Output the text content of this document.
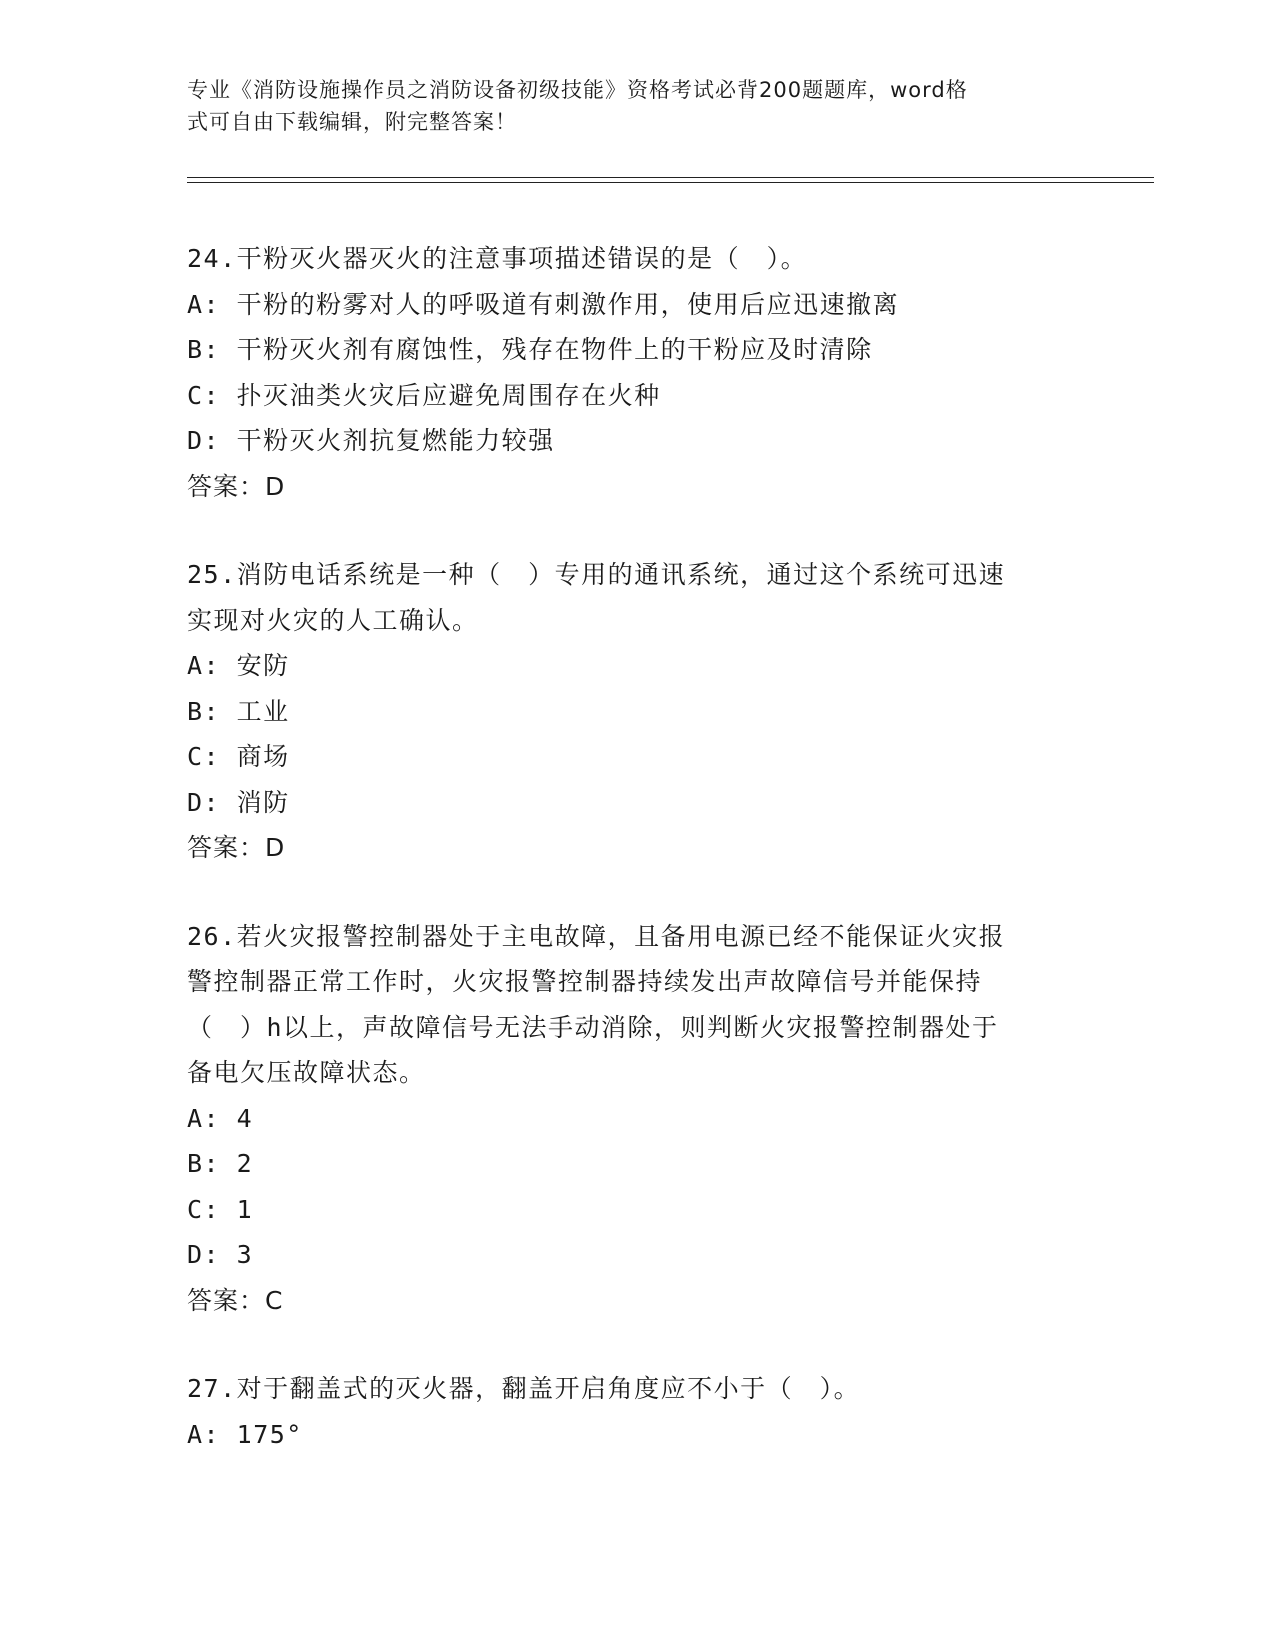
专业《消防设施操作员之消防设备初级技能》资格考试必背200题题库，word格
式可自由下载编辑，附完整答案！
24.干粉灭火器灭火的注意事项描述错误的是（　）。
A: 干粉的粉雾对人的呼吸道有刺激作用，使用后应迅速撤离
B: 干粉灭火剂有腐蚀性，残存在物件上的干粉应及时清除
C: 扑灭油类火灾后应避免周围存在火种
D: 干粉灭火剂抗复燃能力较强
答案：D
25.消防电话系统是一种（　）专用的通讯系统，通过这个系统可迅速
实现对火灾的人工确认。
A: 安防
B: 工业
C: 商场
D: 消防
答案：D
26.若火灾报警控制器处于主电故障，且备用电源已经不能保证火灾报
警控制器正常工作时，火灾报警控制器持续发出声故障信号并能保持
（　）h以上，声故障信号无法手动消除，则判断火灾报警控制器处于
备电欠压故障状态。
A: 4
B: 2
C: 1
D: 3
答案：C
27.对于翻盖式的灭火器，翻盖开启角度应不小于（　）。
A: 175°
